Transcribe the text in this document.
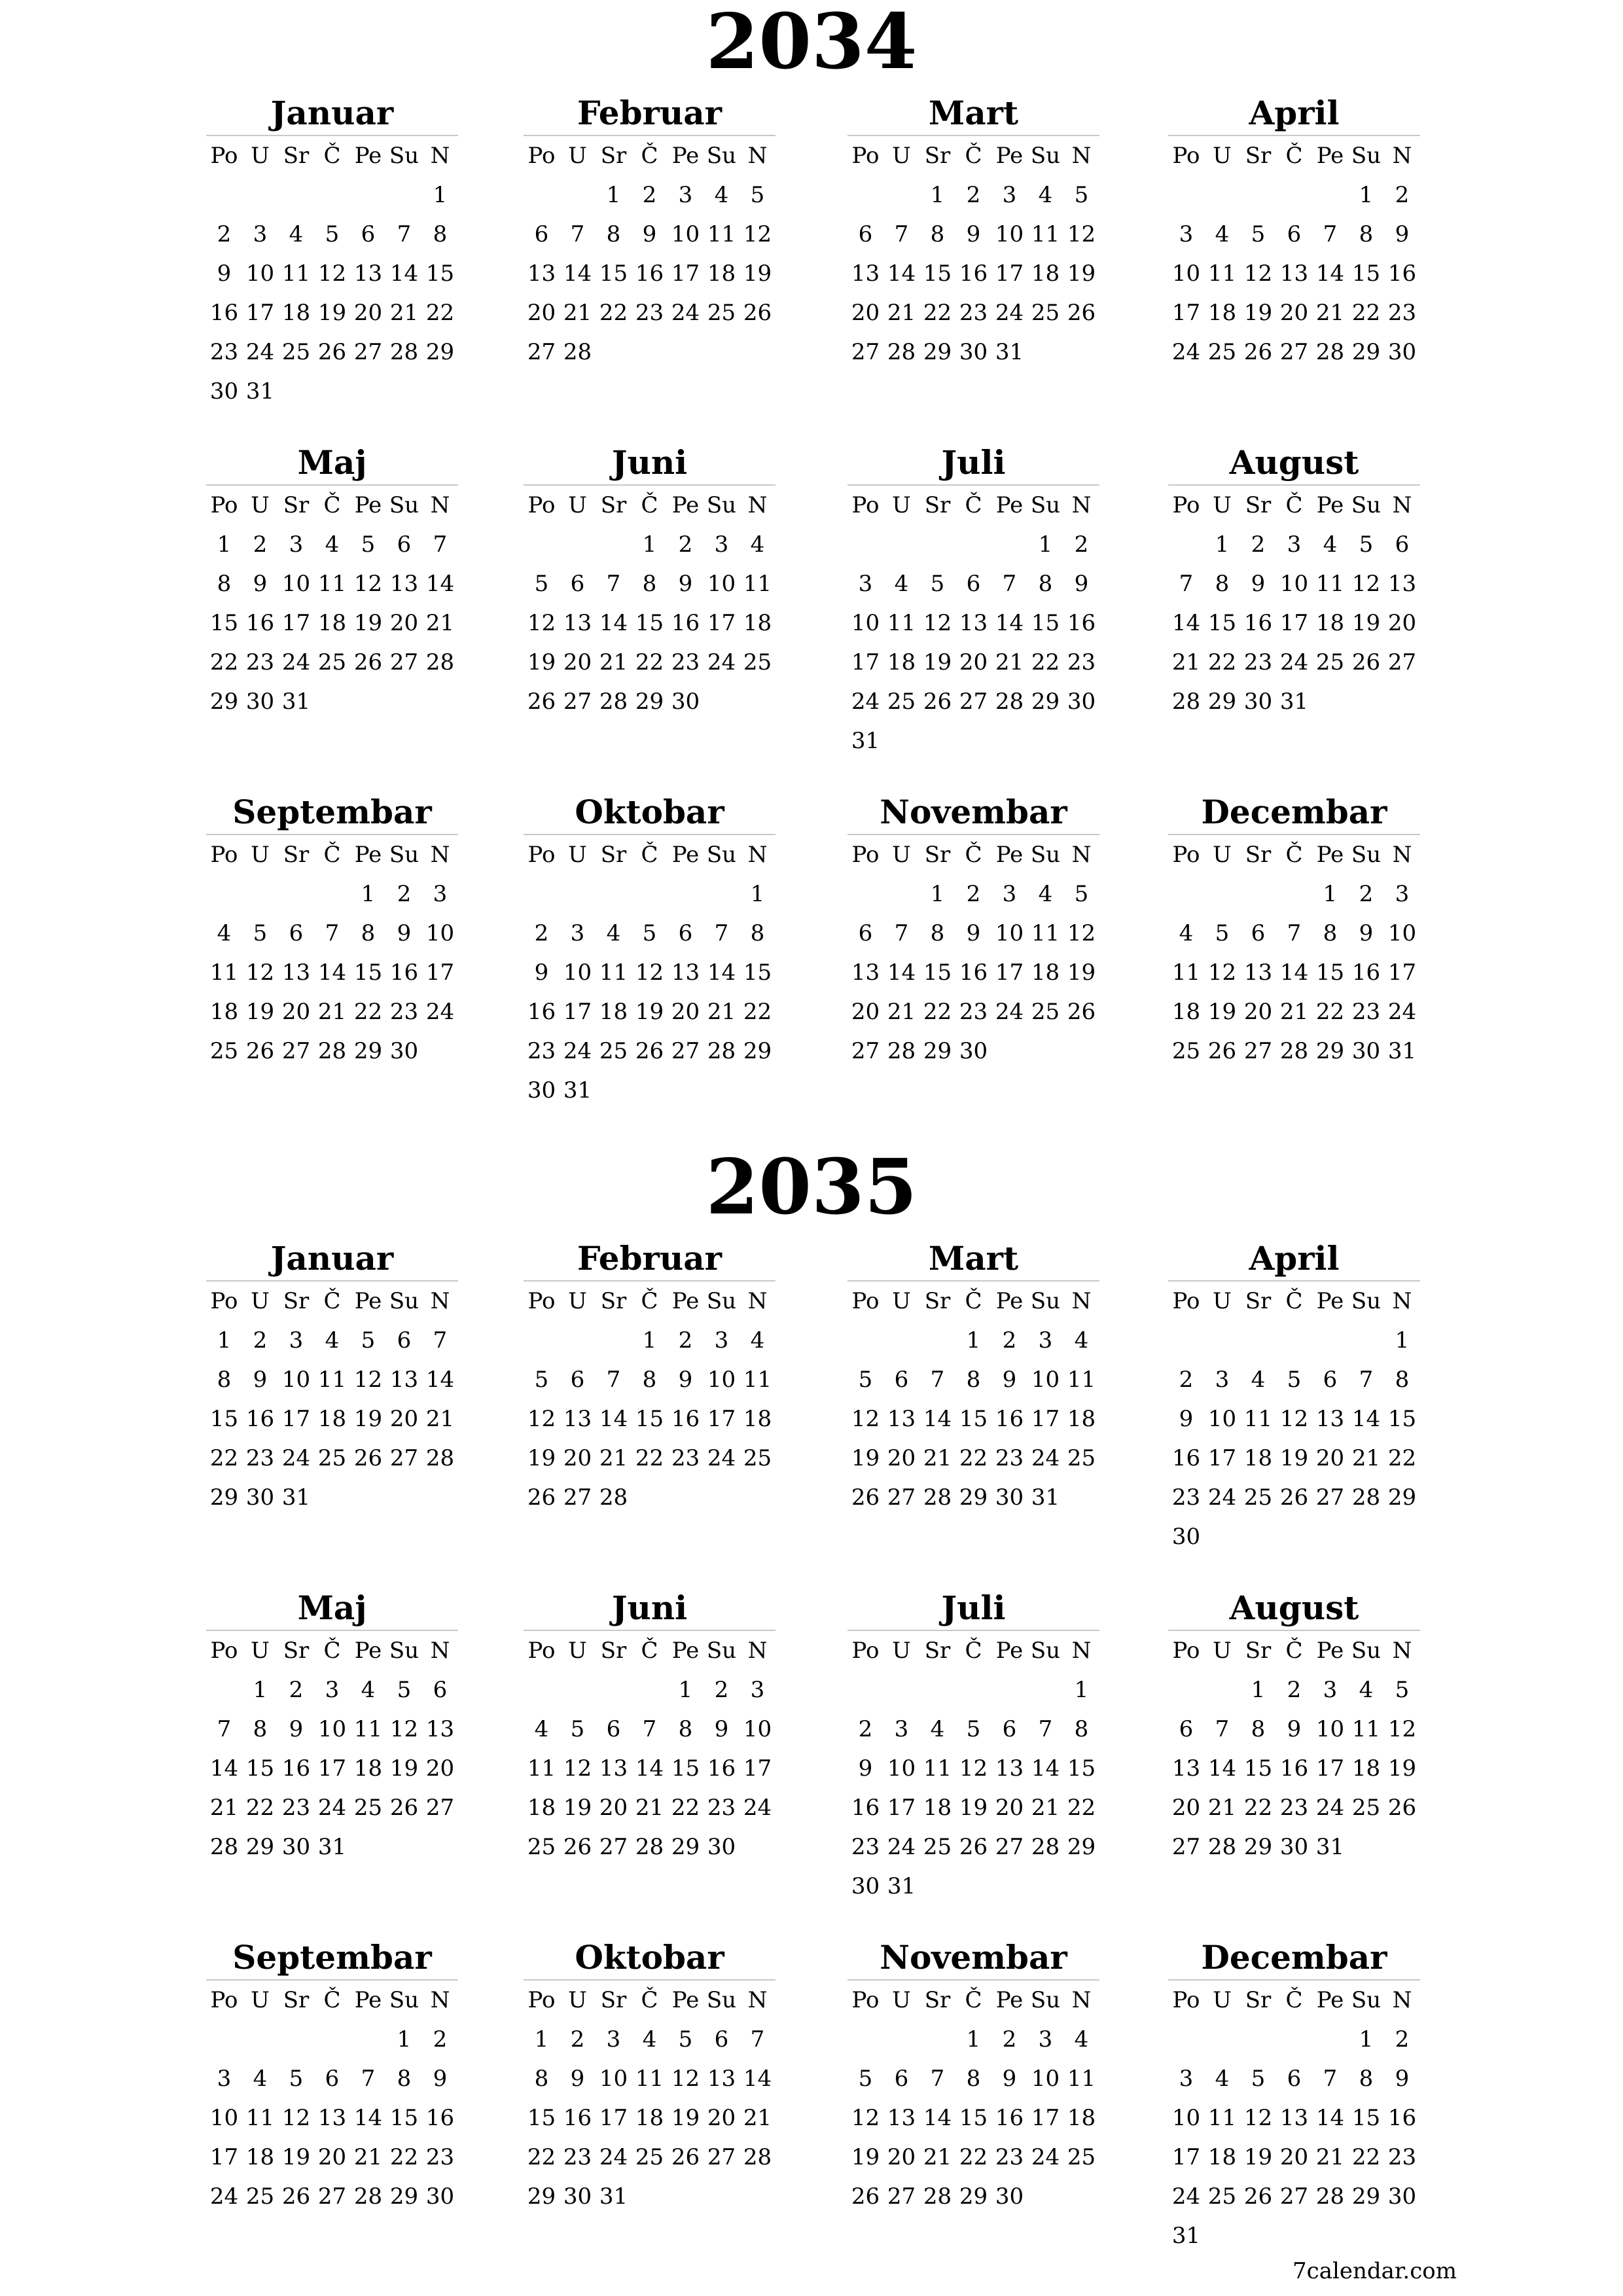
2034
Januar
Po U Sr Č Pe Su N
1
2 3 4 5 6 7 8
9 10 11 12 13 14 15
16 17 18 19 20 21 22
23 24 25 26 27 28 29
30 31
Februar
Po U Sr Č Pe Su N
1 2 3 4 5
6 7 8 9 10 11 12
13 14 15 16 17 18 19
20 21 22 23 24 25 26
27 28
Mart
Po U Sr Č Pe Su N
1 2 3 4 5
6 7 8 9 10 11 12
13 14 15 16 17 18 19
20 21 22 23 24 25 26
27 28 29 30 31
April
Po U Sr Č Pe Su N
1 2
3 4 5 6 7 8 9
10 11 12 13 14 15 16
17 18 19 20 21 22 23
24 25 26 27 28 29 30
Maj
Po U Sr Č Pe Su N
1 2 3 4 5 6 7
8 9 10 11 12 13 14
15 16 17 18 19 20 21
22 23 24 25 26 27 28
29 30 31
Juni
Po U Sr Č Pe Su N
1 2 3 4
5 6 7 8 9 10 11
12 13 14 15 16 17 18
19 20 21 22 23 24 25
26 27 28 29 30
Juli
Po U Sr Č Pe Su N
1 2
3 4 5 6 7 8 9
10 11 12 13 14 15 16
17 18 19 20 21 22 23
24 25 26 27 28 29 30
31
August
Po U Sr Č Pe Su N
1 2 3 4 5 6
7 8 9 10 11 12 13
14 15 16 17 18 19 20
21 22 23 24 25 26 27
28 29 30 31
Septembar
Po U Sr Č Pe Su N
1 2 3
4 5 6 7 8 9 10
11 12 13 14 15 16 17
18 19 20 21 22 23 24
25 26 27 28 29 30
Oktobar
Po U Sr Č Pe Su N
1
2 3 4 5 6 7 8
9 10 11 12 13 14 15
16 17 18 19 20 21 22
23 24 25 26 27 28 29
30 31
Novembar
Po U Sr Č Pe Su N
1 2 3 4 5
6 7 8 9 10 11 12
13 14 15 16 17 18 19
20 21 22 23 24 25 26
27 28 29 30
Decembar
Po U Sr Č Pe Su N
1 2 3
4 5 6 7 8 9 10
11 12 13 14 15 16 17
18 19 20 21 22 23 24
25 26 27 28 29 30 31
2035
Januar
Po U Sr Č Pe Su N
1 2 3 4 5 6 7
8 9 10 11 12 13 14
15 16 17 18 19 20 21
22 23 24 25 26 27 28
29 30 31
Februar
Po U Sr Č Pe Su N
1 2 3 4
5 6 7 8 9 10 11
12 13 14 15 16 17 18
19 20 21 22 23 24 25
26 27 28
Mart
Po U Sr Č Pe Su N
1 2 3 4
5 6 7 8 9 10 11
12 13 14 15 16 17 18
19 20 21 22 23 24 25
26 27 28 29 30 31
April
Po U Sr Č Pe Su N
1
2 3 4 5 6 7 8
9 10 11 12 13 14 15
16 17 18 19 20 21 22
23 24 25 26 27 28 29
30
Maj
Po U Sr Č Pe Su N
1 2 3 4 5 6
7 8 9 10 11 12 13
14 15 16 17 18 19 20
21 22 23 24 25 26 27
28 29 30 31
Juni
Po U Sr Č Pe Su N
1 2 3
4 5 6 7 8 9 10
11 12 13 14 15 16 17
18 19 20 21 22 23 24
25 26 27 28 29 30
Juli
Po U Sr Č Pe Su N
1
2 3 4 5 6 7 8
9 10 11 12 13 14 15
16 17 18 19 20 21 22
23 24 25 26 27 28 29
30 31
August
Po U Sr Č Pe Su N
1 2 3 4 5
6 7 8 9 10 11 12
13 14 15 16 17 18 19
20 21 22 23 24 25 26
27 28 29 30 31
Septembar
Po U Sr Č Pe Su N
1 2
3 4 5 6 7 8 9
10 11 12 13 14 15 16
17 18 19 20 21 22 23
24 25 26 27 28 29 30
Oktobar
Po U Sr Č Pe Su N
1 2 3 4 5 6 7
8 9 10 11 12 13 14
15 16 17 18 19 20 21
22 23 24 25 26 27 28
29 30 31
Novembar
Po U Sr Č Pe Su N
1 2 3 4
5 6 7 8 9 10 11
12 13 14 15 16 17 18
19 20 21 22 23 24 25
26 27 28 29 30
Decembar
Po U Sr Č Pe Su N
1 2
3 4 5 6 7 8 9
10 11 12 13 14 15 16
17 18 19 20 21 22 23
24 25 26 27 28 29 30
31
7calendar.com
